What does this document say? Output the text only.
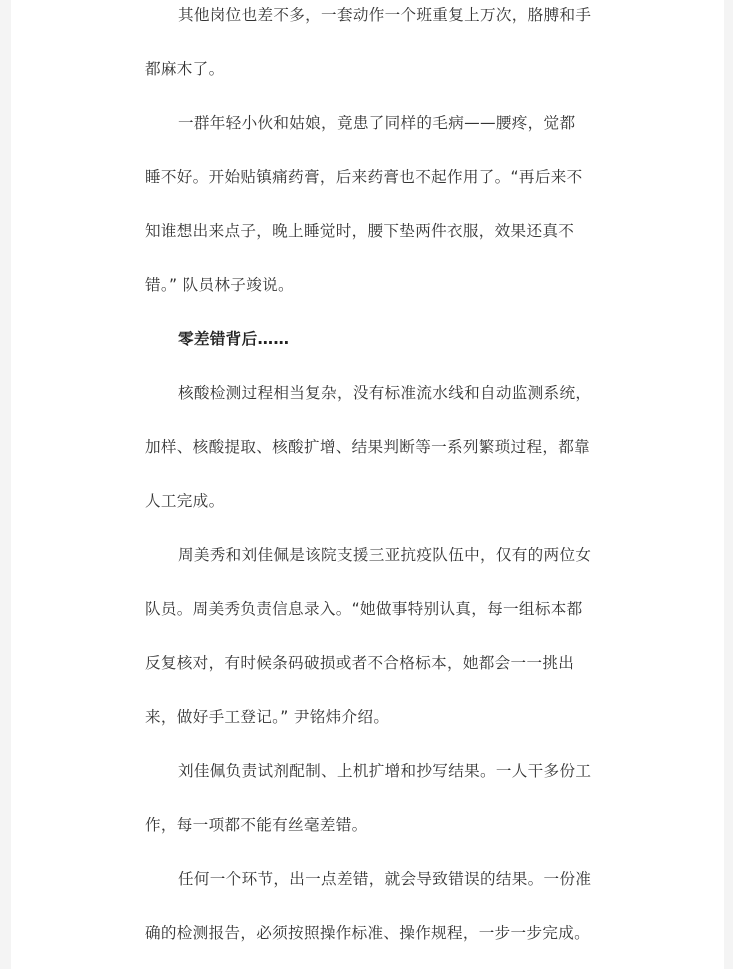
其他岗位也差不多，一套动作一个班重复上万次，胳膊和手
都麻木了。
一群年轻小伙和姑娘，竟患了同样的毛病——腰疼，觉都
睡不好。开始贴镇痛药膏，后来药膏也不起作用了。“再后来不
知谁想出来点子，晚上睡觉时，腰下垫两件衣服，效果还真不
错。” 队员林子竣说。
零差错背后……
核酸检测过程相当复杂，没有标准流水线和自动监测系统，
加样、核酸提取、核酸扩增、结果判断等一系列繁琐过程，都靠
人工完成。
周美秀和刘佳佩是该院支援三亚抗疫队伍中，仅有的两位女
队员。周美秀负责信息录入。“她做事特别认真，每一组标本都
反复核对，有时候条码破损或者不合格标本，她都会一一挑出
来，做好手工登记。” 尹铭炜介绍。
刘佳佩负责试剂配制、上机扩增和抄写结果。一人干多份工
作，每一项都不能有丝毫差错。
任何一个环节，出一点差错，就会导致错误的结果。一份准
确的检测报告，必须按照操作标准、操作规程，一步一步完成。
